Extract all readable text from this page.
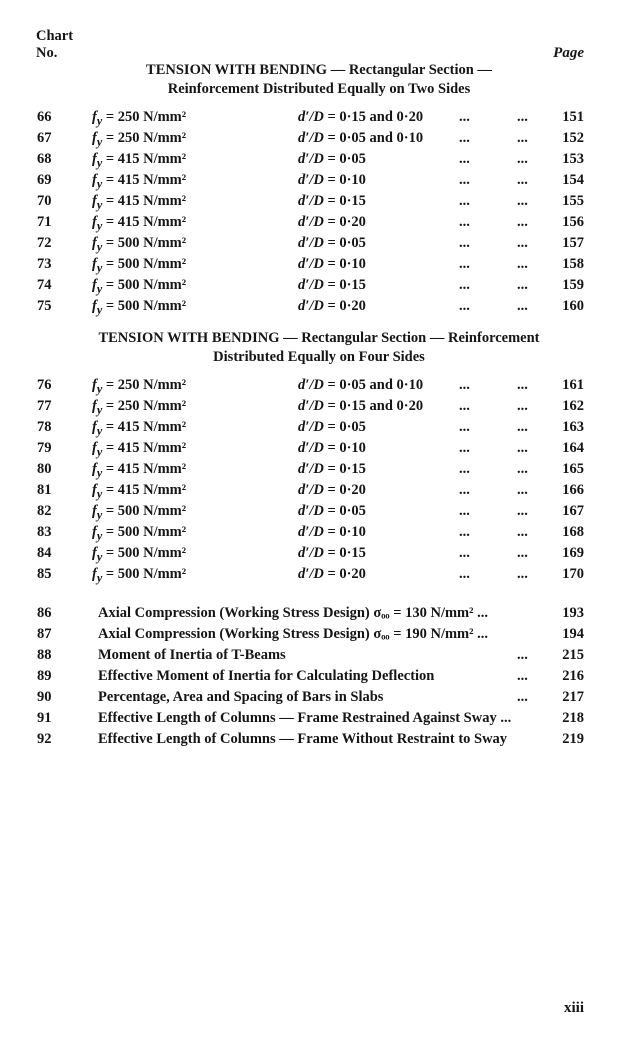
Chart
No.	Page
TENSION WITH BENDING — Rectangular Section —
Reinforcement Distributed Equally on Two Sides
66	$f_y = 250$ N/mm²	d′/D = 0·15 and 0·20 ...	... 151
67	$f_y = 250$ N/mm²	d′/D = 0·05 and 0·10 ...	... 152
68	$f_y = 415$ N/mm²	d′/D = 0·05	...	... 153
69	$f_y = 415$ N/mm²	d′/D = 0·10	...	... 154
70	$f_y = 415$ N/mm²	d′/D = 0·15	...	... 155
71	$f_y = 415$ N/mm²	d′/D = 0·20	...	... 156
72	$f_y = 500$ N/mm²	d′/D = 0·05	...	... 157
73	$f_y = 500$ N/mm²	d′/D = 0·10	...	... 158
74	$f_y = 500$ N/mm²	d′/D = 0·15	...	... 159
75	$f_y = 500$ N/mm²	d′/D = 0·20	...	... 160
TENSION WITH BENDING — Rectangular Section — Reinforcement
Distributed Equally on Four Sides
76	$f_y = 250$ N/mm²	d′/D = 0·05 and 0·10 ...	... 161
77	$f_y = 250$ N/mm²	d′/D = 0·15 and 0·20 ...	... 162
78	$f_y = 415$ N/mm²	d′/D = 0·05	...	... 163
79	$f_y = 415$ N/mm²	d′/D = 0·10	...	... 164
80	$f_y = 415$ N/mm²	d′/D = 0·15	...	... 165
81	$f_y = 415$ N/mm²	d′/D = 0·20	...	... 166
82	$f_y = 500$ N/mm²	d′/D = 0·05	...	... 167
83	$f_y = 500$ N/mm²	d′/D = 0·10	...	... 168
84	$f_y = 500$ N/mm²	d′/D = 0·15	...	... 169
85	$f_y = 500$ N/mm²	d′/D = 0·20	...	... 170
86	Axial Compression (Working Stress Design) σₒₒ = 130 N/mm² ...	193
87	Axial Compression (Working Stress Design) σₒₒ = 190 N/mm² ...	194
88	Moment of Inertia of T-Beams	... 215
89	Effective Moment of Inertia for Calculating Deflection	... 216
90	Percentage, Area and Spacing of Bars in Slabs	... 217
91	Effective Length of Columns — Frame Restrained Against Sway ...	218
92	Effective Length of Columns — Frame Without Restraint to Sway	219
xiii
